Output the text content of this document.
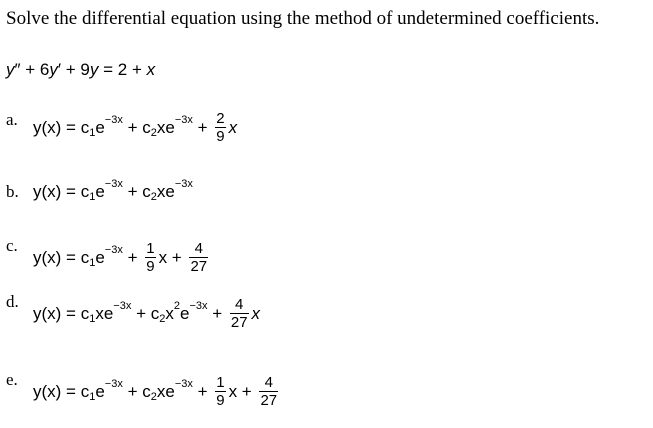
Solve the differential equation using the method of undetermined coefficients.
y ″ + 6 y ′ + 9 y = 2 + x
a. y(x) = c 1 e −3x + c 2 xe $-3x + \frac{2}{9}$ x
b. y(x) = c 1 e −3x + c 2 xe −3x
c.
y(x) = c 1 $e -3x + \frac{1}{9}$ $x + \frac{4}{27}$
d.
y(x) = c 1 xe −3x + c 2 x 2 $e -3x + \frac{4}{27}$ x
e.
y(x) = c 1 e −3x + c 2 xe $-3x + \frac{1}{9}$ $x + \frac{4}{27}$
